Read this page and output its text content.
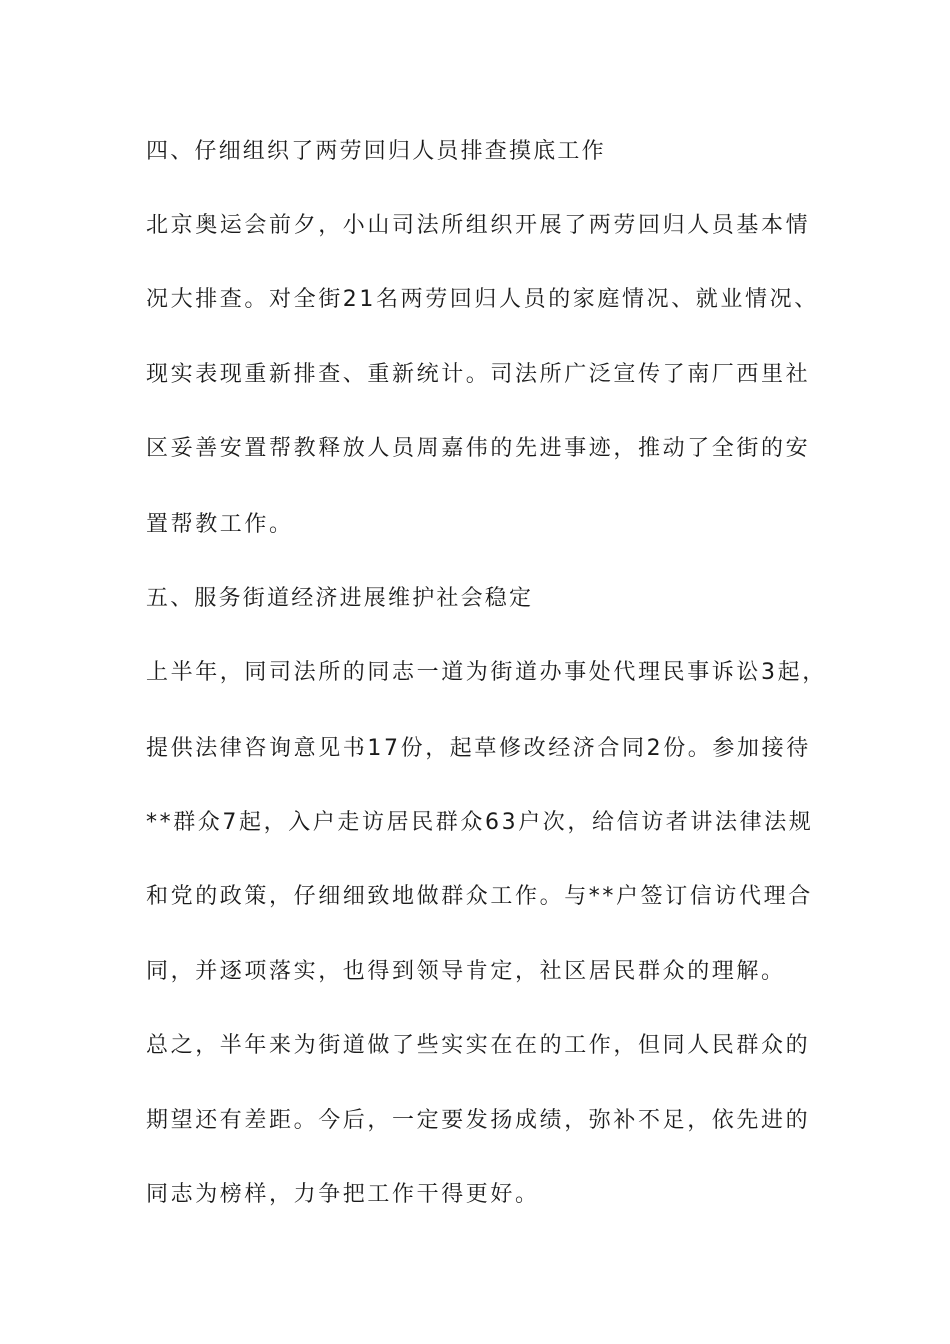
四、仔细组织了两劳回归人员排查摸底工作
北京奥运会前夕，小山司法所组织开展了两劳回归人员基本情
况大排查。对全街21名两劳回归人员的家庭情况、就业情况、
现实表现重新排查、重新统计。司法所广泛宣传了南厂西里社
区妥善安置帮教释放人员周嘉伟的先进事迹，推动了全街的安
置帮教工作。
五、服务街道经济进展维护社会稳定
上半年，同司法所的同志一道为街道办事处代理民事诉讼3起，
提供法律咨询意见书17份，起草修改经济合同2份。参加接待
**群众7起，入户走访居民群众63户次，给信访者讲法律法规
和党的政策，仔细细致地做群众工作。与**户签订信访代理合
同，并逐项落实，也得到领导肯定，社区居民群众的理解。
总之，半年来为街道做了些实实在在的工作，但同人民群众的
期望还有差距。今后，一定要发扬成绩，弥补不足，依先进的
同志为榜样，力争把工作干得更好。
